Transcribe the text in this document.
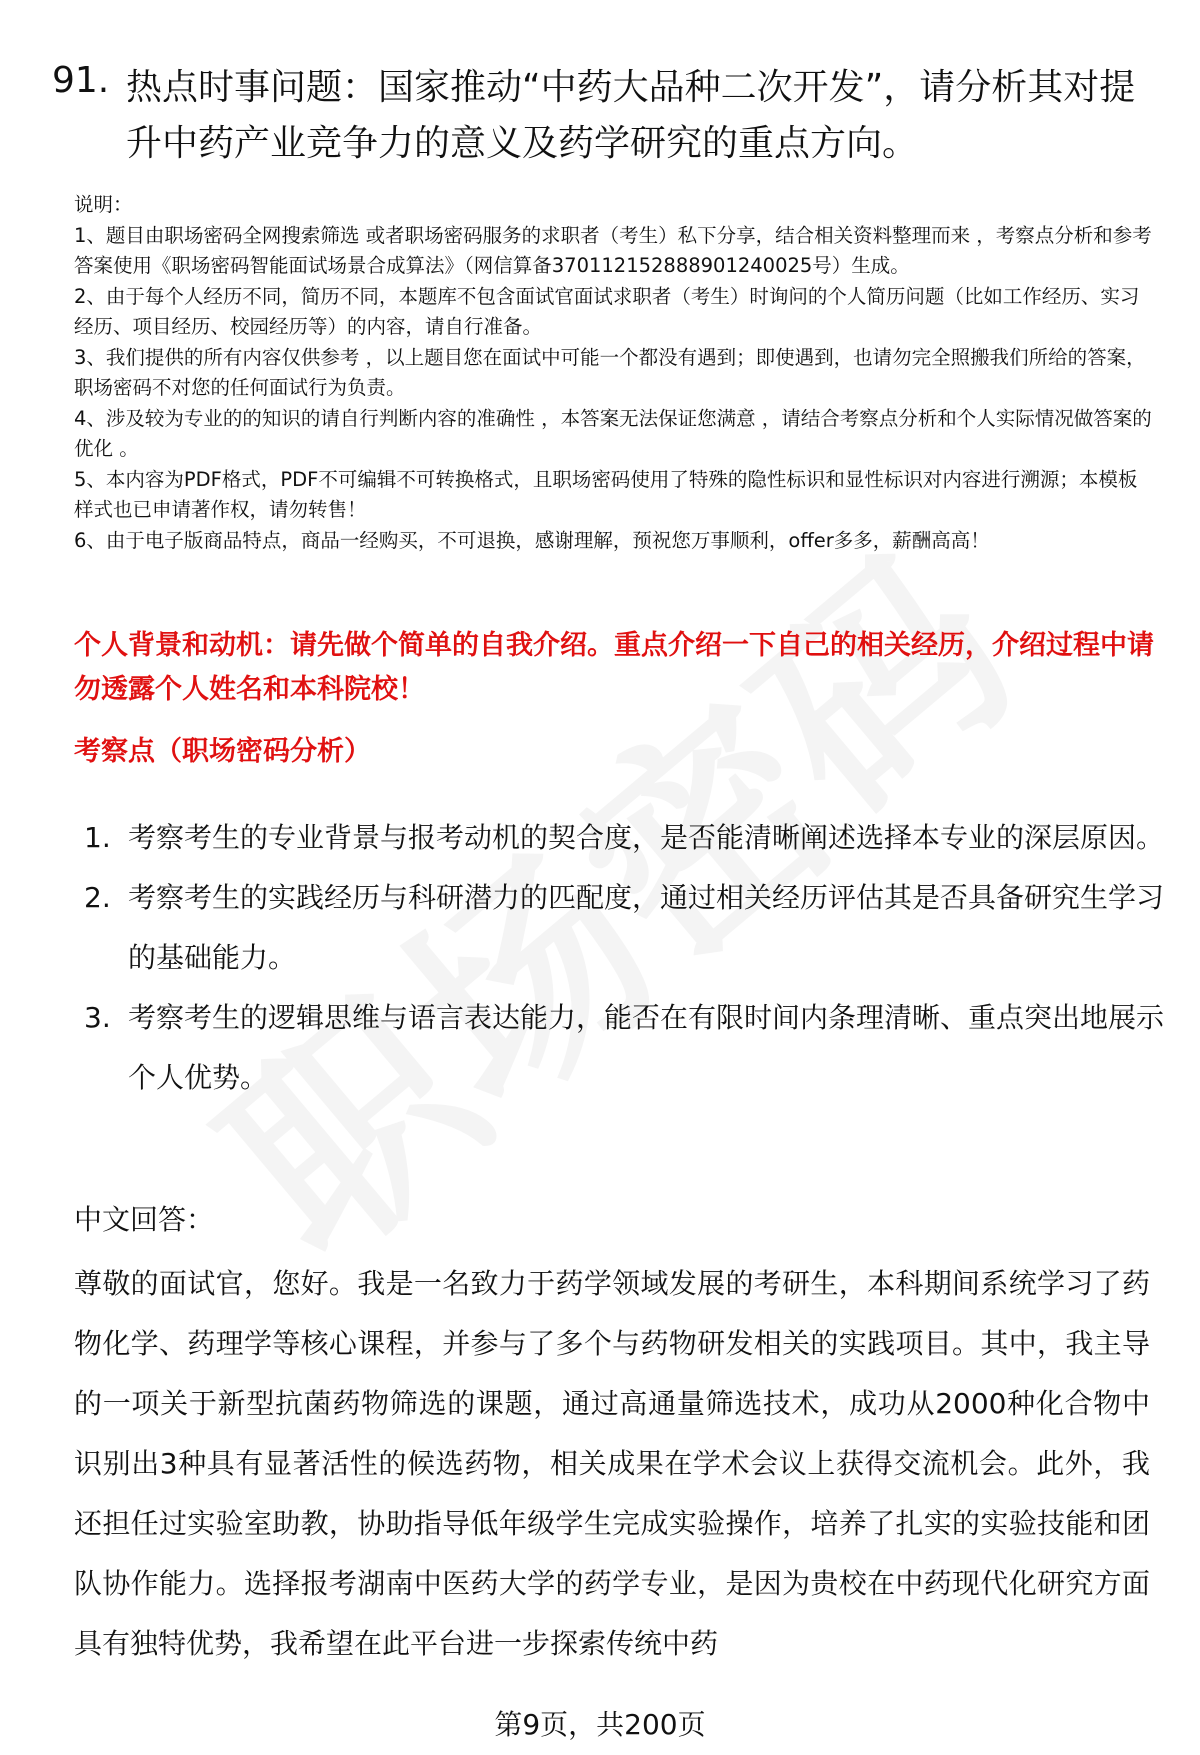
91. 热点时事问题：国家推动“中药大品种二次开发”，请分析其对提升中药产业竞争力的意义及药学研究的重点方向。

说明：

1、题目由职场密码全网搜索筛选 或者职场密码服务的求职者（考生）私下分享，结合相关资料整理而来 ，考察点分析和参考答案使用《职场密码智能面试场景合成算法》（网信算备370112152888901240025号）生成。

2、由于每个人经历不同，简历不同，本题库不包含面试官面试求职者（考生）时询问的个人简历问题（比如工作经历、实习经历、项目经历、校园经历等）的内容，请自行准备。

3、我们提供的所有内容仅供参考 ，以上题目您在面试中可能一个都没有遇到；即使遇到，也请勿完全照搬我们所给的答案，职场密码不对您的任何面试行为负责。

4、涉及较为专业的的知识的请自行判断内容的准确性 ，本答案无法保证您满意 ，请结合考察点分析和个人实际情况做答案的优化 。

5、本内容为PDF格式，PDF不可编辑不可转换格式，且职场密码使用了特殊的隐性标识和显性标识对内容进行溯源；本模板样式也已申请著作权，请勿转售！

6、由于电子版商品特点，商品一经购买，不可退换，感谢理解，预祝您万事顺利，offer多多，薪酬高高！

个人背景和动机：请先做个简单的自我介绍。重点介绍一下自己的相关经历，介绍过程中请勿透露个人姓名和本科院校！
考察点（职场密码分析）
1. 考察考生的专业背景与报考动机的契合度，是否能清晰阐述选择本专业的深层原因。
2. 考察考生的实践经历与科研潜力的匹配度，通过相关经历评估其是否具备研究生学习的基础能力。
3. 考察考生的逻辑思维与语言表达能力，能否在有限时间内条理清晰、重点突出地展示个人优势。
中文回答：

尊敬的面试官，您好。我是一名致力于药学领域发展的考研生，本科期间系统学习了药物化学、药理学等核心课程，并参与了多个与药物研发相关的实践项目。其中，我主导的一项关于新型抗菌药物筛选的课题，通过高通量筛选技术，成功从2000种化合物中识别出3种具有显著活性的候选药物，相关成果在学术会议上获得交流机会。此外，我还担任过实验室助教，协助指导低年级学生完成实验操作，培养了扎实的实验技能和团队协作能力。选择报考湖南中医药大学的药学专业，是因为贵校在中药现代化研究方面具有独特优势，我希望在此平台进一步探索传统中药

第9页，共200页
